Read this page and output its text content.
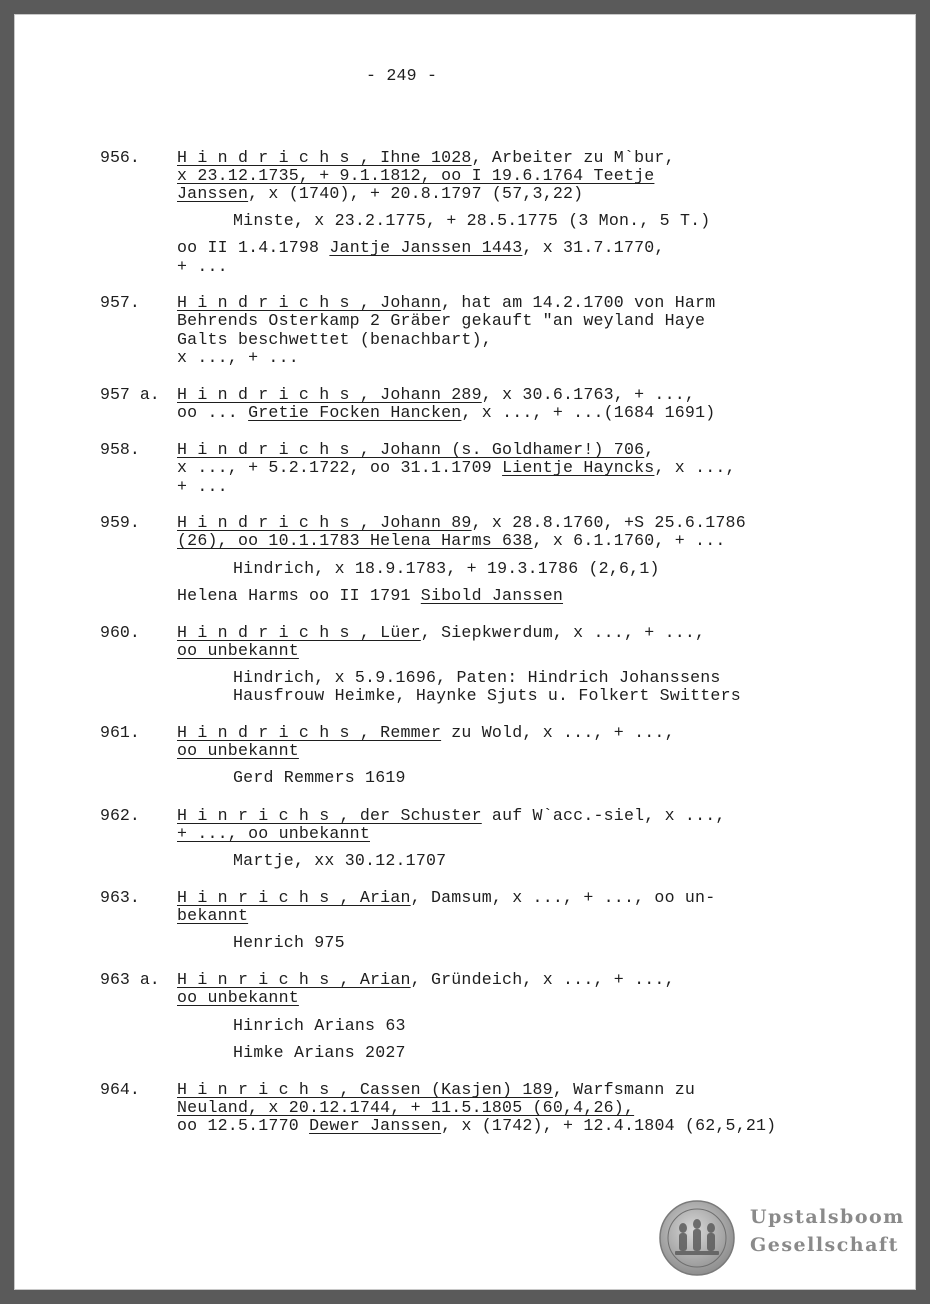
- 249 -
956. H i n d r i c h s , Ihne 1028, Arbeiter zu M`bur,
x 23.12.1735, + 9.1.1812, oo I 19.6.1764 Teetje
Janssen, x (1740), + 20.8.1797 (57,3,22)
Minste, x 23.2.1775, + 28.5.1775 (3 Mon., 5 T.)
oo II 1.4.1798 Jantje Janssen 1443, x 31.7.1770,
+ ...
957. H i n d r i c h s , Johann, hat am 14.2.1700 von Harm
Behrends Osterkamp 2 Gräber gekauft "an weyland Haye
Galts beschwettet (benachbart),
x ..., + ...
957 a. H i n d r i c h s , Johann 289, x 30.6.1763, + ...,
oo ... Gretie Focken Hancken, x ..., + ...(1684 1691)
958. H i n d r i c h s , Johann (s. Goldhamer!) 706,
x ..., + 5.2.1722, oo 31.1.1709 Lientje Hayncks, x ...,
+ ...
959. H i n d r i c h s , Johann 89, x 28.8.1760, +S 25.6.1786
(26), oo 10.1.1783 Helena Harms 638, x 6.1.1760, + ...
Hindrich, x 18.9.1783, + 19.3.1786 (2,6,1)
Helena Harms oo II 1791 Sibold Janssen
960. H i n d r i c h s , Lüer, Siepkwerdum, x ..., + ...,
oo unbekannt
Hindrich, x 5.9.1696, Paten: Hindrich Johanssens
Hausfrouw Heimke, Haynke Sjuts u. Folkert Switters
961. H i n d r i c h s , Remmer zu Wold, x ..., + ...,
oo unbekannt
Gerd Remmers 1619
962. H i n r i c h s , der Schuster auf W`acc.-siel, x ...,
+ ..., oo unbekannt
Martje, xx 30.12.1707
963. H i n r i c h s , Arian, Damsum, x ..., + ..., oo un-
bekannt
Henrich 975
963 a. H i n r i c h s , Arian, Gründeich, x ..., + ...,
oo unbekannt
Hinrich Arians 63
Himke Arians 2027
964. H i n r i c h s , Cassen (Kasjen) 189, Warfsmann zu
Neuland, x 20.12.1744, + 11.5.1805 (60,4,26),
oo 12.5.1770 Dewer Janssen, x (1742), + 12.4.1804 (62,5,21)
Upstalsboom
Gesellschaft
